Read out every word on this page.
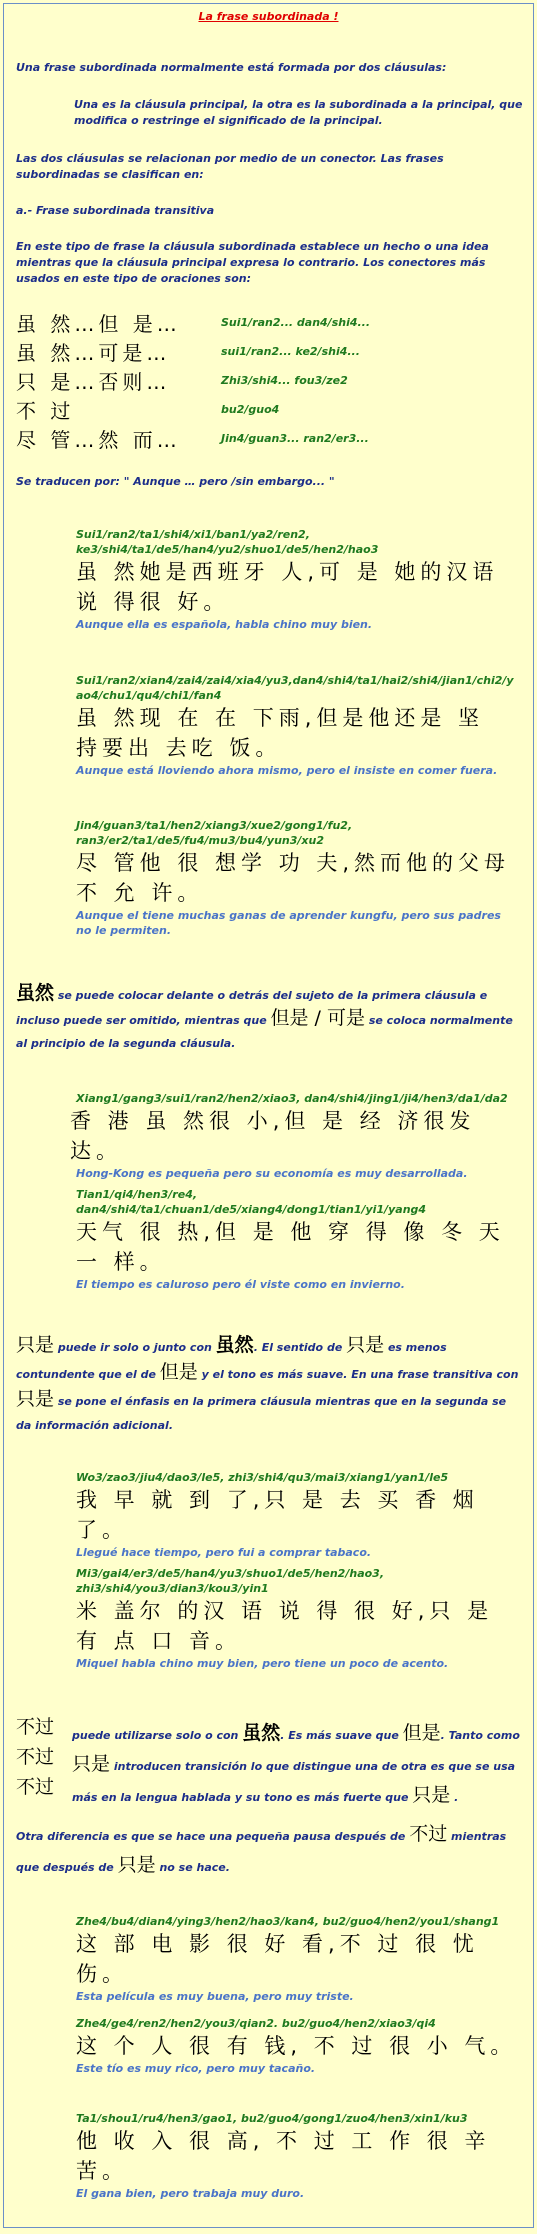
La frase subordinada !
Una frase subordinada normalmente está formada por dos cláusulas:
Una es la cláusula principal, la otra es la subordinada a la principal, que modifica o restringe el significado de la principal.
Las dos cláusulas se relacionan por medio de un conector. Las frases subordinadas se clasifican en:
a.- Frase subordinada transitiva
En este tipo de frase la cláusula subordinada establece un hecho o una idea mientras que la cláusula principal expresa lo contrario. Los conectores más usados en este tipo de oraciones son:
虽 然…但 是…	Sui1/ran2... dan4/shi4...
虽 然…可是…	sui1/ran2... ke2/shi4...
只 是…否则…	Zhi3/shi4... fou3/ze2
不 过	bu2/guo4
尽 管…然 而…	Jin4/guan3... ran2/er3...
Se traducen por: " Aunque … pero /sin embargo... "
Sui1/ran2/ta1/shi4/xi1/ban1/ya2/ren2, ke3/shi4/ta1/de5/han4/yu2/shuo1/de5/hen2/hao3
虽 然她是西班牙 人,可 是 她的汉语说 得很 好。
Aunque ella es española, habla chino muy bien.
Sui1/ran2/xian4/zai4/zai4/xia4/yu3,dan4/shi4/ta1/hai2/shi4/jian1/chi2/yao4/chu1/qu4/chi1/fan4
虽 然现 在 在 下雨,但是他还是 坚 持要出 去吃 饭。
Aunque está lloviendo ahora mismo, pero el insiste en comer fuera.
Jin4/guan3/ta1/hen2/xiang3/xue2/gong1/fu2, ran3/er2/ta1/de5/fu4/mu3/bu4/yun3/xu2
尽 管他 很 想学 功 夫,然而他的父母不 允 许。
Aunque el tiene muchas ganas de aprender kungfu, pero sus padres no le permiten.
虽然 se puede colocar delante o detrás del sujeto de la primera cláusula e incluso puede ser omitido, mientras que 但是 / 可是 se coloca normalmente al principio de la segunda cláusula.
Xiang1/gang3/sui1/ran2/hen2/xiao3, dan4/shi4/jing1/ji4/hen3/da1/da2
香 港 虽 然很 小,但 是 经 济很发达。
Hong-Kong es pequeña pero su economía es muy desarrollada.
Tian1/qi4/hen3/re4, dan4/shi4/ta1/chuan1/de5/xiang4/dong1/tian1/yi1/yang4
天气 很 热,但 是 他 穿 得 像 冬 天 一 样。
El tiempo es caluroso pero él viste como en invierno.
只是 puede ir solo o junto con 虽然. El sentido de 只是 es menos contundente que el de 但是 y el tono es más suave. En una frase transitiva con 只是 se pone el énfasis en la primera cláusula mientras que en la segunda se da información adicional.
Wo3/zao3/jiu4/dao3/le5, zhi3/shi4/qu3/mai3/xiang1/yan1/le5
我 早 就 到 了,只 是 去 买 香 烟 了。
Llegué hace tiempo, pero fui a comprar tabaco.
Mi3/gai4/er3/de5/han4/yu3/shuo1/de5/hen2/hao3, zhi3/shi4/you3/dian3/kou3/yin1
米 盖尔 的汉 语 说 得 很 好,只 是 有 点 口 音。
Miquel habla chino muy bien, pero tiene un poco de acento.
不过
不过
不过
puede utilizarse solo o con 虽然. Es más suave que 但是. Tanto como 只是 introducen transición lo que distingue una de otra es que se usa más en la lengua hablada y su tono es más fuerte que 只是 .
Otra diferencia es que se hace una pequeña pausa después de 不过 mientras que después de 只是 no se hace.
Zhe4/bu4/dian4/ying3/hen2/hao3/kan4, bu2/guo4/hen2/you1/shang1
这 部 电 影 很 好 看,不 过 很 忧 伤。
Esta película es muy buena, pero muy triste.
Zhe4/ge4/ren2/hen2/you3/qian2. bu2/guo4/hen2/xiao3/qi4
这 个 人 很 有 钱, 不 过 很 小 气。
Este tío es muy rico, pero muy tacaño.
Ta1/shou1/ru4/hen3/gao1, bu2/guo4/gong1/zuo4/hen3/xin1/ku3
他 收 入 很 高, 不 过 工 作 很 辛 苦。
El gana bien, pero trabaja muy duro.
